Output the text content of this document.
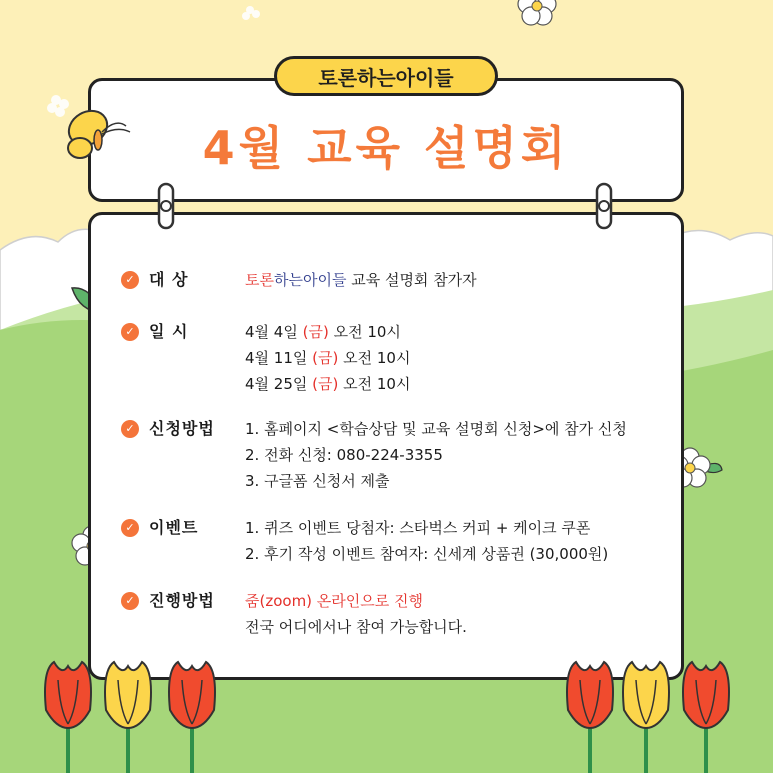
토론하는아이들
4월 교육 설명회
✓ 대 상	토론하는아이들 교육 설명회 참가자
✓ 일 시	4월 4일 (금) 오전 10시
4월 11일 (금) 오전 10시
4월 25일 (금) 오전 10시
✓ 신청방법	1. 홈페이지 <학습상담 및 교육 설명회 신청>에 참가 신청
2. 전화 신청: 080-224-3355
3. 구글폼 신청서 제출
✓ 이벤트	1. 퀴즈 이벤트 당첨자: 스타벅스 커피 + 케이크 쿠폰
2. 후기 작성 이벤트 참여자: 신세계 상품권 (30,000원)
✓ 진행방법	줌(zoom) 온라인으로 진행
전국 어디에서나 참여 가능합니다.
